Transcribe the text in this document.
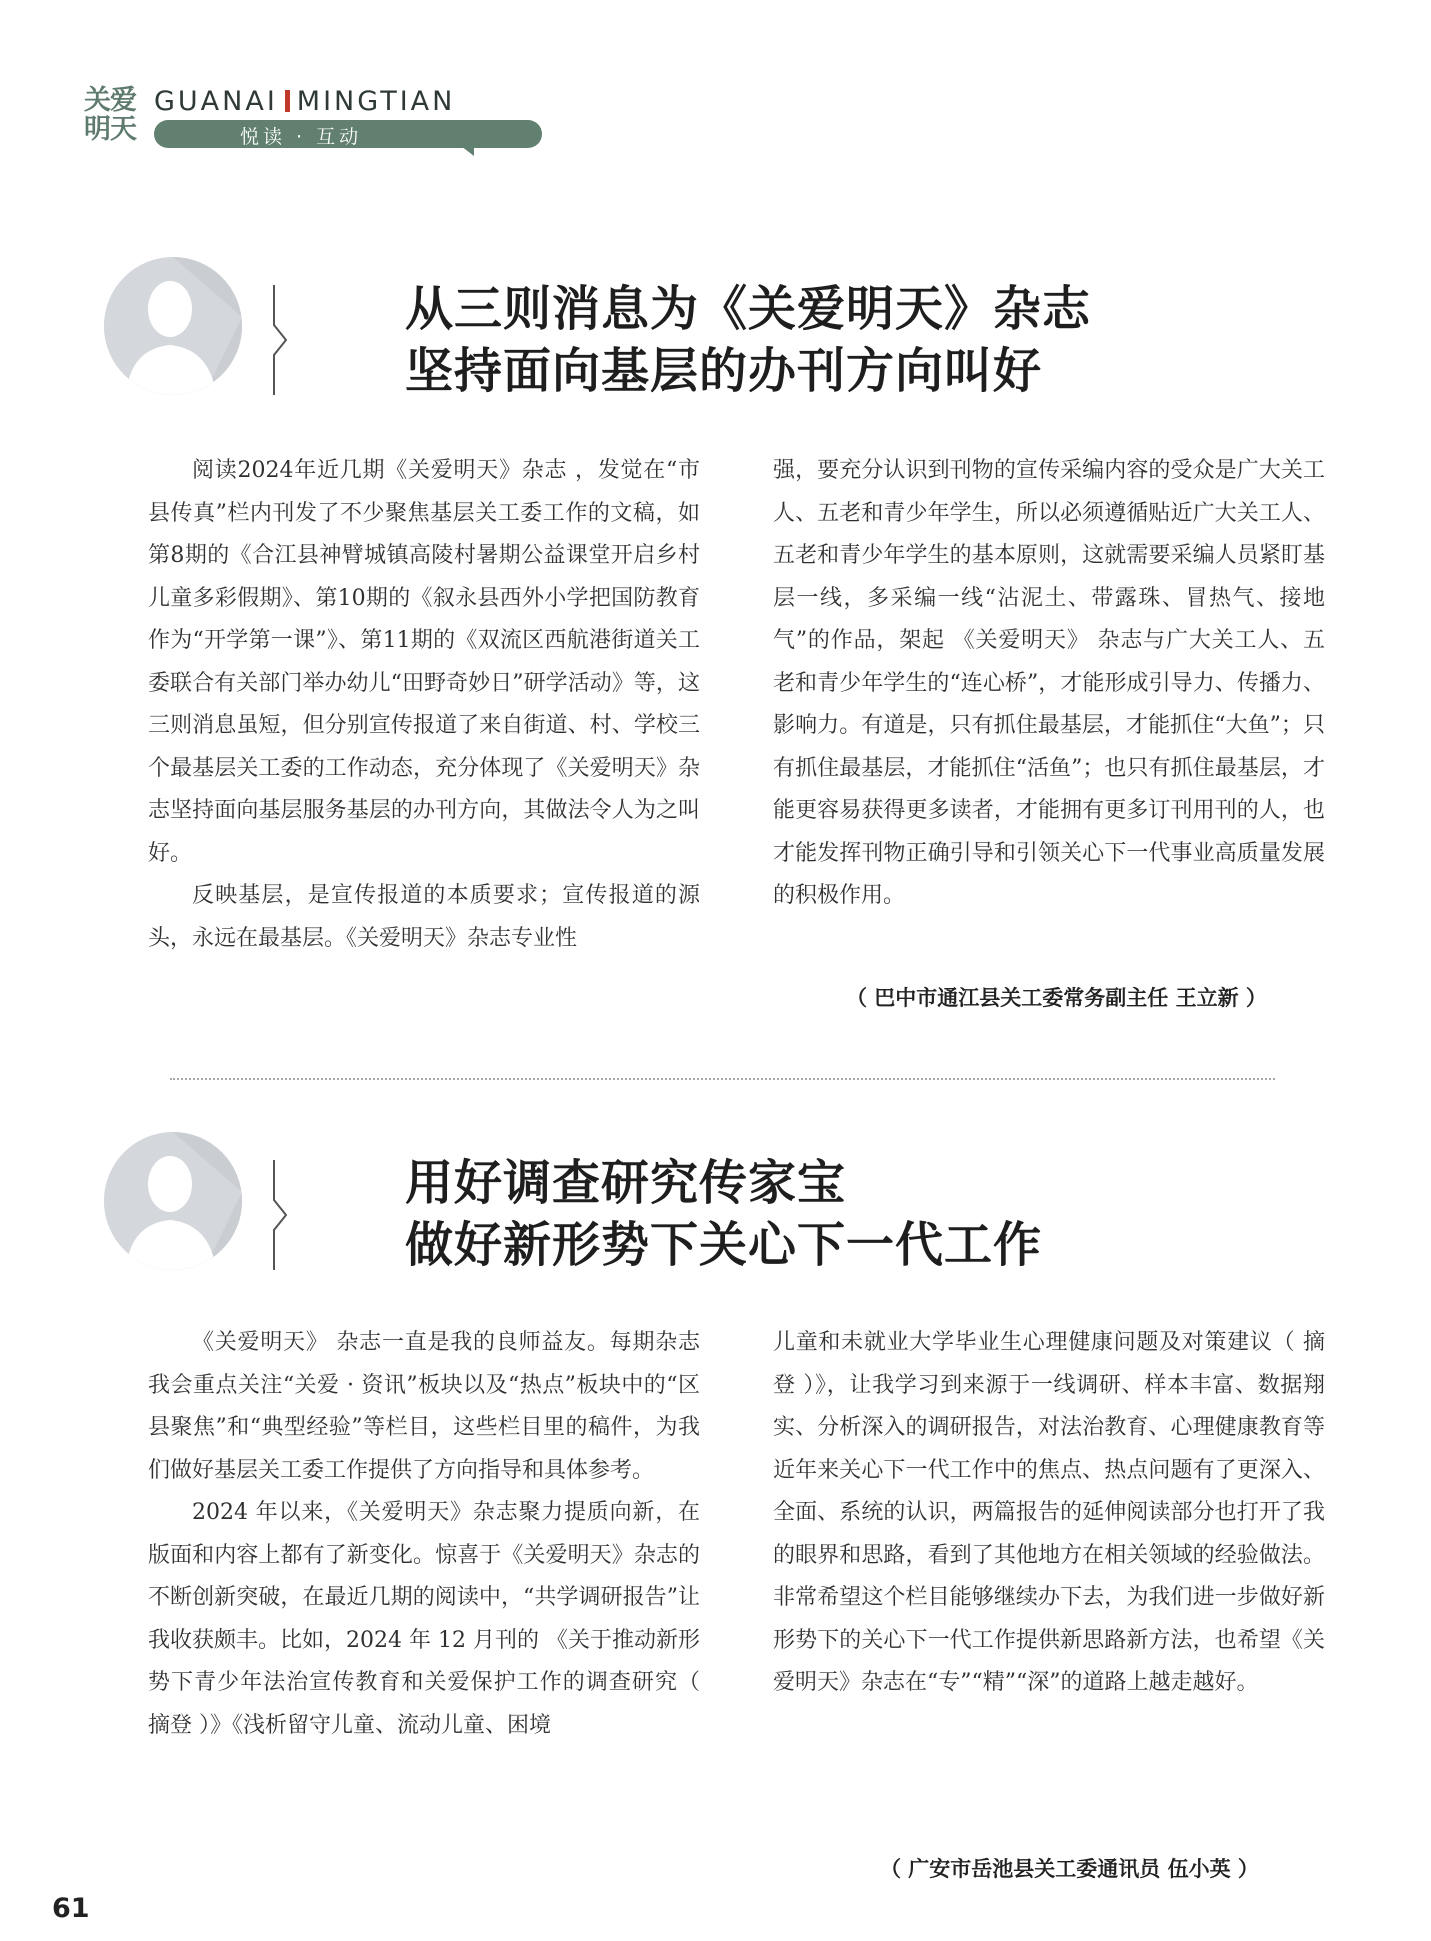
关爱明天
GUANAI MINGTIAN
悦读 · 互动
从三则消息为《关爱明天》杂志
坚持面向基层的办刊方向叫好

阅读2024年近几期《关爱明天》杂志 ，发觉在“市县传真”栏内刊发了不少聚焦基层关工委工作的文稿，如第8期的《合江县神臂城镇高陵村暑期公益课堂开启乡村儿童多彩假期》、第10期的《叙永县西外小学把国防教育作为“开学第一课”》、第11期的《双流区西航港街道关工委联合有关部门举办幼儿“田野奇妙日”研学活动》等，这三则消息虽短，但分别宣传报道了来自街道、村、学校三个最基层关工委的工作动态，充分体现了《关爱明天》杂志坚持面向基层服务基层的办刊方向，其做法令人为之叫好。

反映基层，是宣传报道的本质要求；宣传报道的源头，永远在最基层。《关爱明天》杂志专业性

强，要充分认识到刊物的宣传采编内容的受众是广大关工人、五老和青少年学生，所以必须遵循贴近广大关工人、五老和青少年学生的基本原则，这就需要采编人员紧盯基层一线，多采编一线“沾泥土、带露珠、冒热气、接地气”的作品，架起 《关爱明天》 杂志与广大关工人、五老和青少年学生的“连心桥”，才能形成引导力、传播力、影响力。有道是，只有抓住最基层，才能抓住“大鱼”；只有抓住最基层，才能抓住“活鱼”；也只有抓住最基层，才能更容易获得更多读者，才能拥有更多订刊用刊的人，也才能发挥刊物正确引导和引领关心下一代事业高质量发展的积极作用。

（ 巴中市通江县关工委常务副主任 王立新 ）
用好调查研究传家宝
做好新形势下关心下一代工作

《关爱明天》 杂志一直是我的良师益友。每期杂志我会重点关注“关爱 · 资讯”板块以及“热点”板块中的“区县聚焦”和“典型经验”等栏目，这些栏目里的稿件，为我们做好基层关工委工作提供了方向指导和具体参考。

2024 年以来，《关爱明天》杂志聚力提质向新，在版面和内容上都有了新变化。惊喜于《关爱明天》杂志的不断创新突破，在最近几期的阅读中，“共学调研报告”让我收获颇丰。比如，2024 年 12 月刊的 《关于推动新形势下青少年法治宣传教育和关爱保护工作的调查研究（ 摘登 ）》《浅析留守儿童、流动儿童、困境

儿童和未就业大学毕业生心理健康问题及对策建议（ 摘登 ）》，让我学习到来源于一线调研、样本丰富、数据翔实、分析深入的调研报告，对法治教育、心理健康教育等近年来关心下一代工作中的焦点、热点问题有了更深入、全面、系统的认识，两篇报告的延伸阅读部分也打开了我的眼界和思路，看到了其他地方在相关领域的经验做法。非常希望这个栏目能够继续办下去，为我们进一步做好新形势下的关心下一代工作提供新思路新方法，也希望《关爱明天》杂志在“专”“精”“深”的道路上越走越好。

（ 广安市岳池县关工委通讯员 伍小英 ）
61
